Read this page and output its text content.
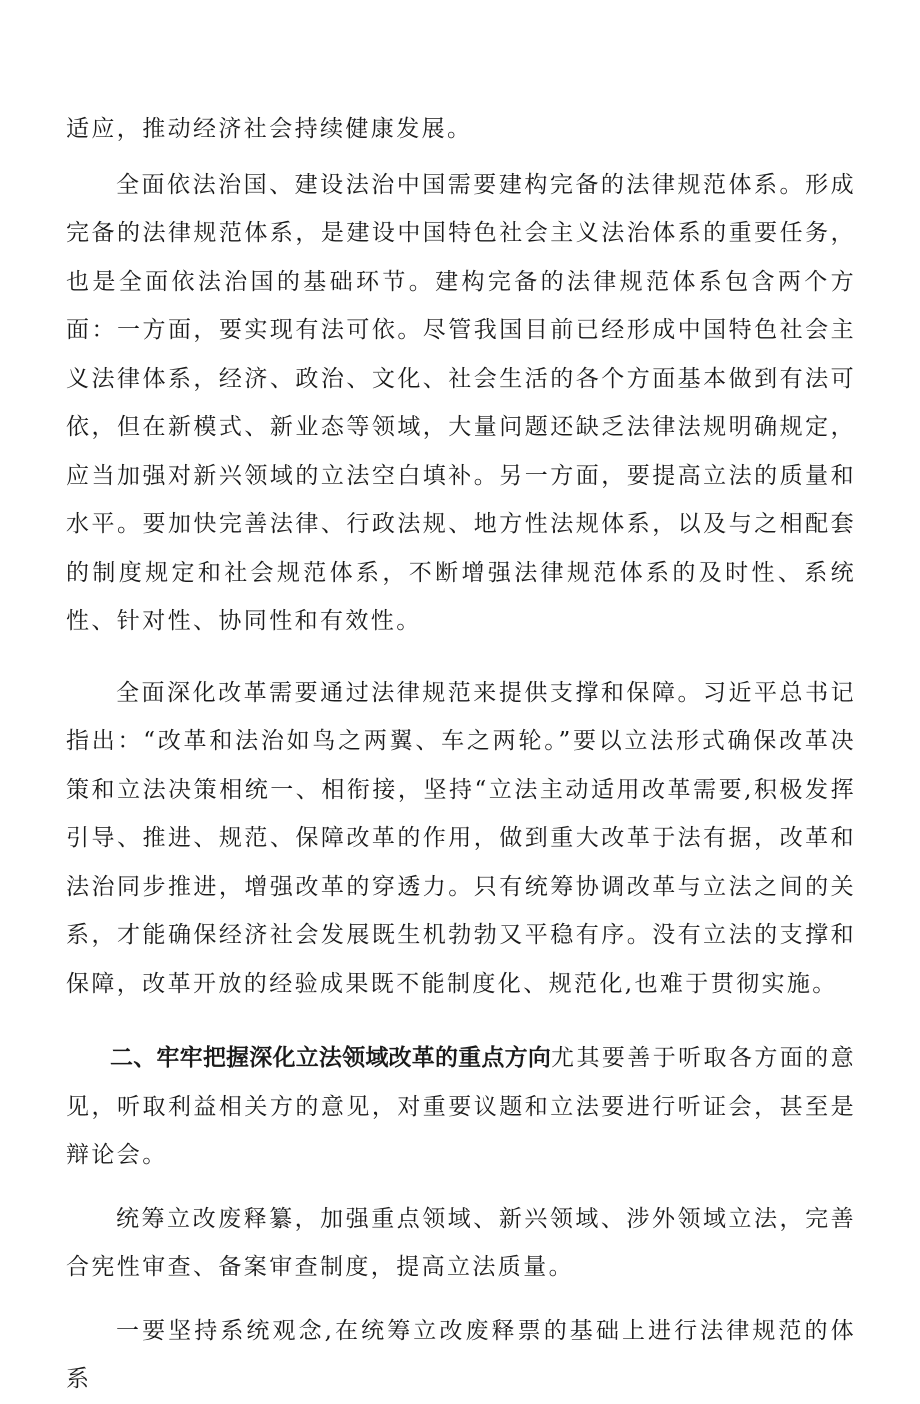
适应，推动经济社会持续健康发展。

全面依法治国、建设法治中国需要建构完备的法律规范体系。形成完备的法律规范体系，是建设中国特色社会主义法治体系的重要任务，也是全面依法治国的基础环节。建构完备的法律规范体系包含两个方面：一方面，要实现有法可依。尽管我国目前已经形成中国特色社会主义法律体系，经济、政治、文化、社会生活的各个方面基本做到有法可依，但在新模式、新业态等领域，大量问题还缺乏法律法规明确规定，应当加强对新兴领域的立法空白填补。另一方面，要提高立法的质量和水平。要加快完善法律、行政法规、地方性法规体系，以及与之相配套的制度规定和社会规范体系，不断增强法律规范体系的及时性、系统性、针对性、协同性和有效性。

全面深化改革需要通过法律规范来提供支撑和保障。习近平总书记指出：“改革和法治如鸟之两翼、车之两轮。”要以立法形式确保改革决策和立法决策相统一、相衔接，坚持“立法主动适用改革需要,积极发挥引导、推进、规范、保障改革的作用，做到重大改革于法有据，改革和法治同步推进，增强改革的穿透力。只有统筹协调改革与立法之间的关系，才能确保经济社会发展既生机勃勃又平稳有序。没有立法的支撑和保障，改革开放的经验成果既不能制度化、规范化,也难于贯彻实施。

二、牢牢把握深化立法领域改革的重点方向尤其要善于听取各方面的意见，听取利益相关方的意见，对重要议题和立法要进行听证会，甚至是辩论会。

统筹立改废释纂，加强重点领域、新兴领域、涉外领域立法，完善合宪性审查、备案审查制度，提高立法质量。

一要坚持系统观念,在统筹立改废释票的基础上进行法律规范的体系
